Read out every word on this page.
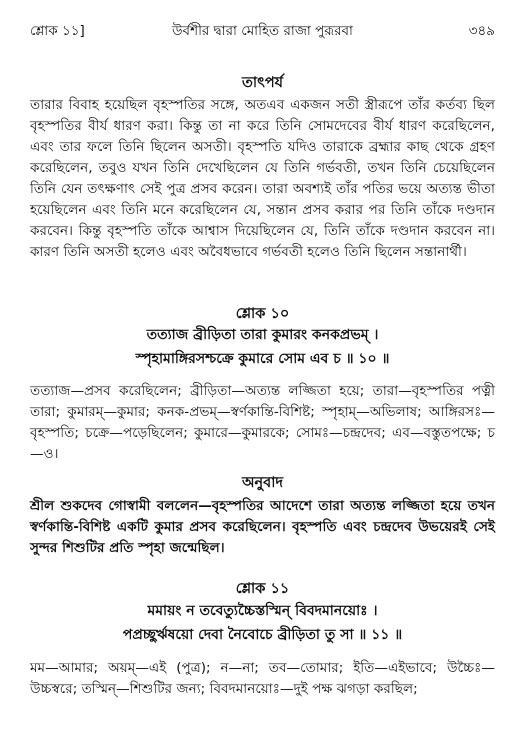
শ্লোক ১১]	উর্বশীর দ্বারা মোহিত রাজা পুরূরবা	৩৪৯
তাৎপর্য

তারার বিবাহ হয়েছিল বৃহস্পতির সঙ্গে, অতএব একজন সতী স্ত্রীরূপে তাঁর কর্তব্য ছিল বৃহস্পতির বীর্য ধারণ করা। কিন্তু তা না করে তিনি সোমদেবের বীর্য ধারণ করেছিলেন, এবং তার ফলে তিনি ছিলেন অসতী। বৃহস্পতি যদিও তারাকে ব্রহ্মার কাছ থেকে গ্রহণ করেছিলেন, তবুও যখন তিনি দেখেছিলেন যে তিনি গর্ভবতী, তখন তিনি চেয়েছিলেন তিনি যেন তৎক্ষণাৎ সেই পুত্র প্রসব করেন। তারা অবশ্যই তাঁর পতির ভয়ে অত্যন্ত ভীতা হয়েছিলেন এবং তিনি মনে করেছিলেন যে, সন্তান প্রসব করার পর তিনি তাঁকে দণ্ডদান করবেন। কিন্তু বৃহস্পতি তাঁকে আশ্বাস দিয়েছিলেন যে, তিনি তাঁকে দণ্ডদান করবেন না। কারণ তিনি অসতী হলেও এবং অবৈধভাবে গর্ভবতী হলেও তিনি ছিলেন সন্তানার্থী।

শ্লোক ১০

তত্যাজ ব্রীড়িতা তারা কুমারং কনকপ্রভম্ ।

স্পৃহামাঙ্গিরসশ্চক্রে কুমারে সোম এব চ ॥ ১০ ॥

তত্যাজ—প্রসব করেছিলেন; ব্রীড়িতা—অত্যন্ত লজ্জিতা হয়ে; তারা—বৃহস্পতির পত্নী তারা; কুমারম্—কুমার; কনক-প্রভম্—স্বর্ণকান্তি-বিশিষ্ট; স্পৃহাম্—অভিলাষ; আঙ্গিরসঃ—বৃহস্পতি; চক্রে—পড়েছিলেন; কুমারে—কুমারকে; সোমঃ—চন্দ্রদেব; এব—বস্তুতপক্ষে; চ—ও।

অনুবাদ

শ্রীল শুকদেব গোস্বামী বললেন—বৃহস্পতির আদেশে তারা অত্যন্ত লজ্জিতা হয়ে তখন স্বর্ণকান্তি-বিশিষ্ট একটি কুমার প্রসব করেছিলেন। বৃহস্পতি এবং চন্দ্রদেব উভয়েরই সেই সুন্দর শিশুটির প্রতি স্পৃহা জন্মেছিল।

শ্লোক ১১

মমায়ং ন তবেত্যুচ্চৈস্তস্মিন্ বিবদমানয়োঃ ।

পপ্রচ্ছুর্ঋষয়ো দেবা নৈবোচে ব্রীড়িতা তু সা ॥ ১১ ॥

মম—আমার; অয়ম্—এই (পুত্র); ন—না; তব—তোমার; ইতি—এইভাবে; উচ্চৈঃ—উচ্চস্বরে; তস্মিন্—শিশুটির জন্য; বিবদমানয়োঃ—দুই পক্ষ ঝগড়া করছিল;
